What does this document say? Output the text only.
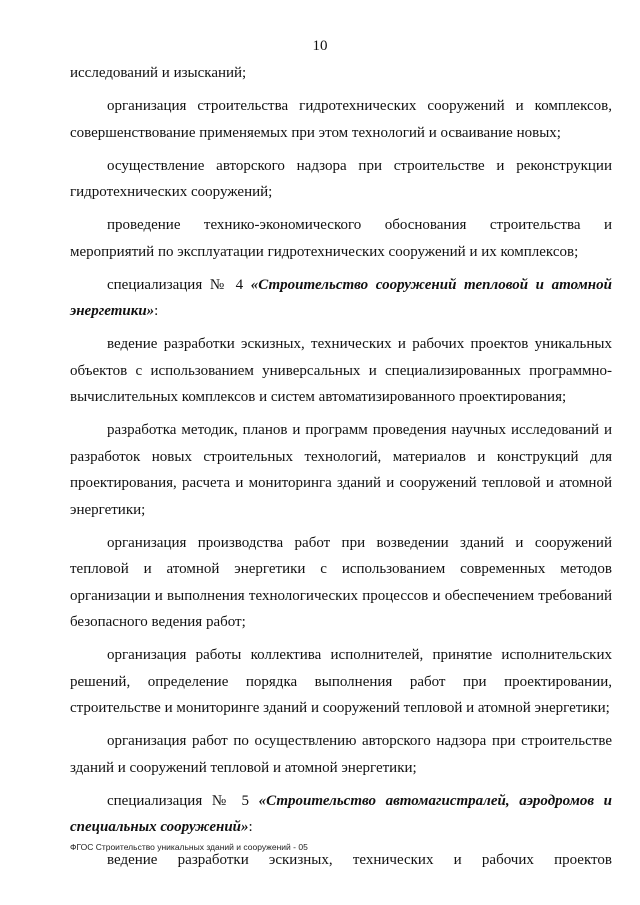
10

исследований и изысканий;

организация строительства гидротехнических сооружений и комплексов, совершенствование применяемых при этом технологий и осваивание новых;

осуществление авторского надзора при строительстве и реконструкции гидротехнических сооружений;

проведение технико-экономического обоснования строительства и мероприятий по эксплуатации гидротехнических сооружений и их комплексов;

специализация № 4 «Строительство сооружений тепловой и атомной энергетики»:

ведение разработки эскизных, технических и рабочих проектов уникальных объектов с использованием универсальных и специализированных программно-вычислительных комплексов и систем автоматизированного проектирования;

разработка методик, планов и программ проведения научных исследований и разработок новых строительных технологий, материалов и конструкций для проектирования, расчета и мониторинга зданий и сооружений тепловой и атомной энергетики;

организация производства работ при возведении зданий и сооружений тепловой и атомной энергетики с использованием современных методов организации и выполнения технологических процессов и обеспечением требований безопасного ведения работ;

организация работы коллектива исполнителей, принятие исполнительских решений, определение порядка выполнения работ при проектировании, строительстве и мониторинге зданий и сооружений тепловой и атомной энергетики;

организация работ по осуществлению авторского надзора при строительстве зданий и сооружений тепловой и атомной энергетики;

специализация № 5 «Строительство автомагистралей, аэродромов и специальных сооружений»:

ведение разработки эскизных, технических и рабочих проектов

ФГОС Строительство уникальных зданий и сооружений - 05
